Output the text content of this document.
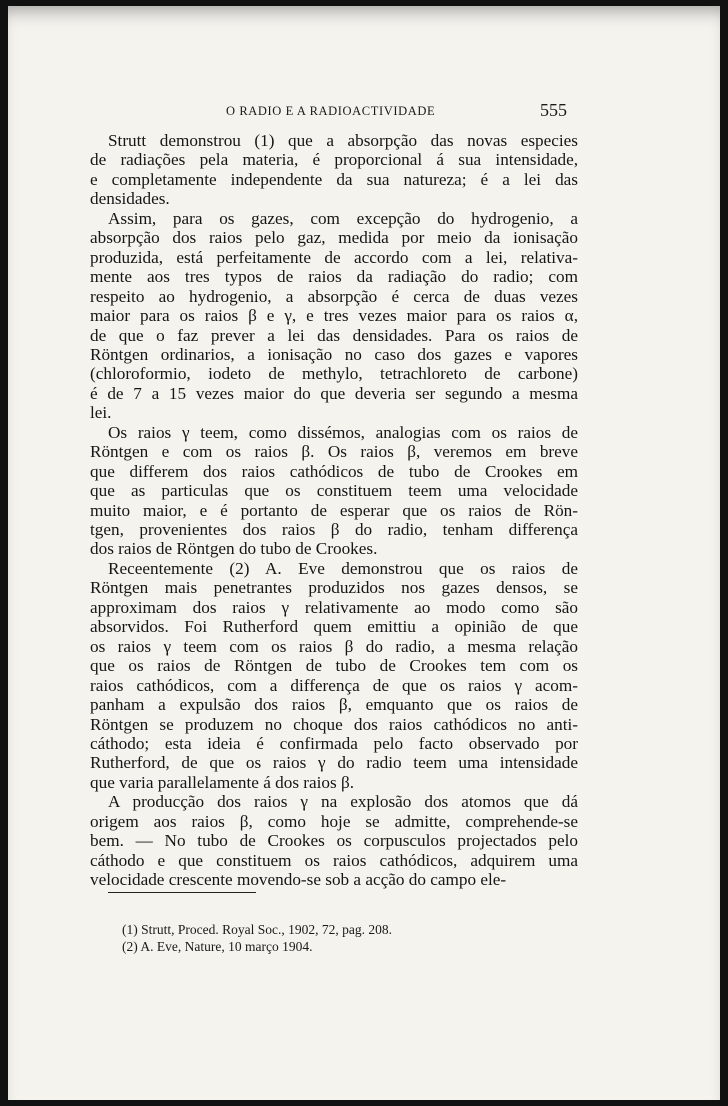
O RADIO E A RADIOACTIVIDADE	555
Strutt demonstrou (1) que a absorpção das novas especies
de radiações pela materia, é proporcional á sua intensidade,
e completamente independente da sua natureza; é a lei das
densidades.
Assim, para os gazes, com excepção do hydrogenio, a
absorpção dos raios pelo gaz, medida por meio da ionisação
produzida, está perfeitamente de accordo com a lei, relativa-
mente aos tres typos de raios da radiação do radio; com
respeito ao hydrogenio, a absorpção é cerca de duas vezes
maior para os raios β e γ, e tres vezes maior para os raios α,
de que o faz prever a lei das densidades. Para os raios de
Röntgen ordinarios, a ionisação no caso dos gazes e vapores
(chloroformio, iodeto de methylo, tetrachloreto de carbone)
é de 7 a 15 vezes maior do que deveria ser segundo a mesma
lei.
Os raios γ teem, como dissémos, analogias com os raios de
Röntgen e com os raios β. Os raios β, veremos em breve
que differem dos raios cathódicos de tubo de Crookes em
que as particulas que os constituem teem uma velocidade
muito maior, e é portanto de esperar que os raios de Rön-
tgen, provenientes dos raios β do radio, tenham differença
dos raios de Röntgen do tubo de Crookes.
Receentemente (2) A. Eve demonstrou que os raios de
Röntgen mais penetrantes produzidos nos gazes densos, se
approximam dos raios γ relativamente ao modo como são
absorvidos. Foi Rutherford quem emittiu a opinião de que
os raios γ teem com os raios β do radio, a mesma relação
que os raios de Röntgen de tubo de Crookes tem com os
raios cathódicos, com a differença de que os raios γ acom-
panham a expulsão dos raios β, emquanto que os raios de
Röntgen se produzem no choque dos raios cathódicos no anti-
cáthodo; esta ideia é confirmada pelo facto observado por
Rutherford, de que os raios γ do radio teem uma intensidade
que varia parallelamente á dos raios β.
A producção dos raios γ na explosão dos atomos que dá
origem aos raios β, como hoje se admitte, comprehende-se
bem. — No tubo de Crookes os corpusculos projectados pelo
cáthodo e que constituem os raios cathódicos, adquirem uma
velocidade crescente movendo-se sob a acção do campo ele-
(1) Strutt, Proced. Royal Soc., 1902, 72, pag. 208.
(2) A. Eve, Nature, 10 março 1904.
